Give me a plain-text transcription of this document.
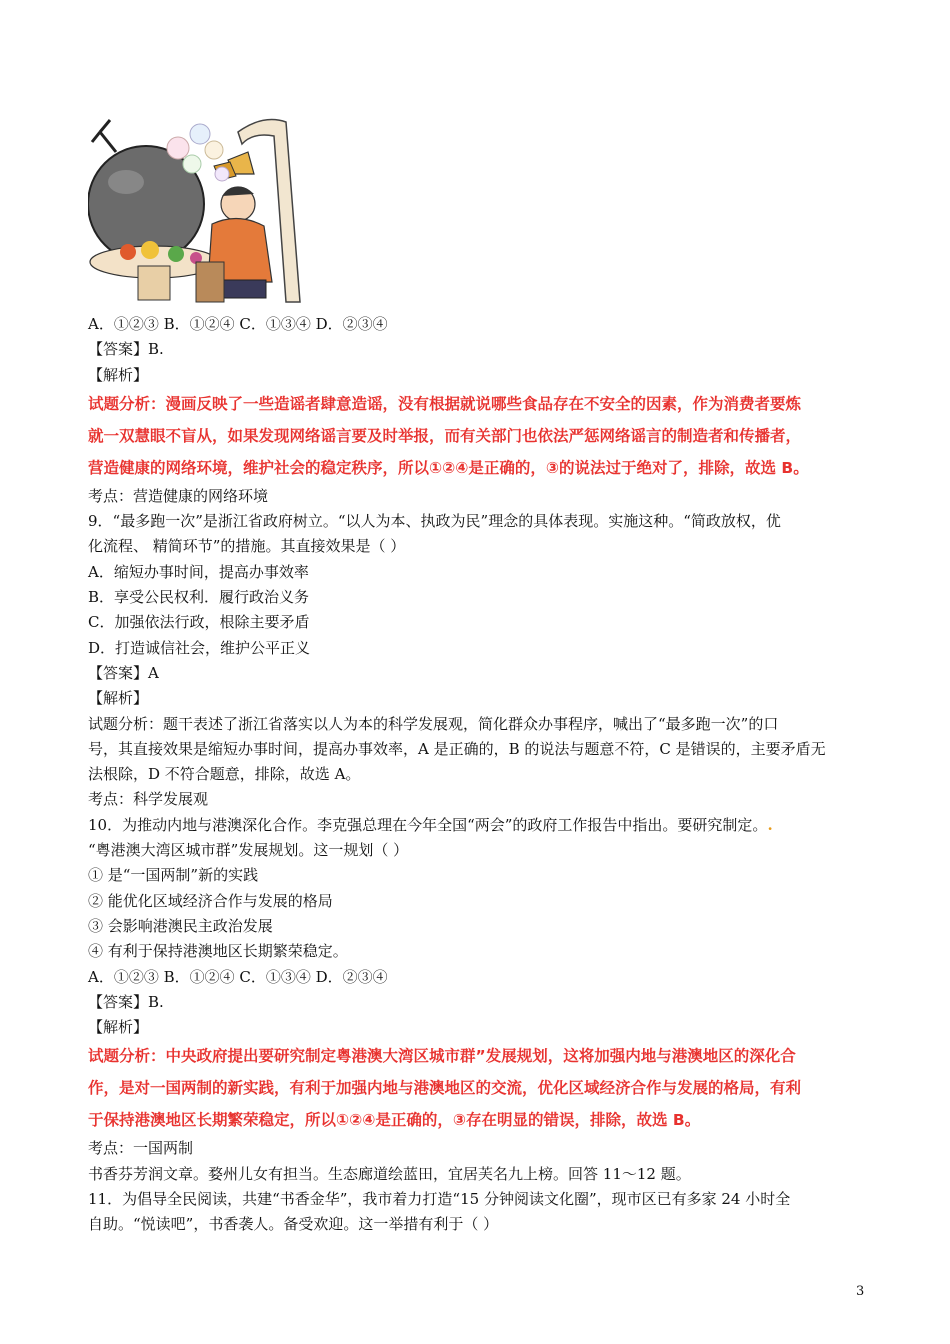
A．①②③ B．①②④ C．①③④ D．②③④
【答案】B.
【解析】
试题分析：漫画反映了一些造谣者肆意造谣，没有根据就说哪些食品存在不安全的因素，作为消费者要炼
就一双慧眼不盲从，如果发现网络谣言要及时举报，而有关部门也依法严惩网络谣言的制造者和传播者，
营造健康的网络环境，维护社会的稳定秩序，所以①②④是正确的，③的说法过于绝对了，排除，故选 B。
考点：营造健康的网络环境
9．“最多跑一次”是浙江省政府树立。“以人为本、执政为民”理念的具体表现。实施这种。“简政放权，优
化流程、 精简环节”的措施。其直接效果是（ ）
A．缩短办事时间，提高办事效率
B．享受公民权利．履行政治义务
C．加强依法行政，根除主要矛盾
D．打造诚信社会，维护公平正义
【答案】A
【解析】
试题分析：题干表述了浙江省落实以人为本的科学发展观，简化群众办事程序，喊出了“最多跑一次”的口
号，其直接效果是缩短办事时间，提高办事效率，A 是正确的，B 的说法与题意不符，C 是错误的，主要矛盾无
法根除，D 不符合题意，排除，故选 A。
考点：科学发展观
10．为推动内地与港澳深化合作。李克强总理在今年全国“两会”的政府工作报告中指出。要研究制定。.
“粤港澳大湾区城市群”发展规划。这一规划（ ）
① 是“一国两制”新的实践
② 能优化区域经济合作与发展的格局
③ 会影响港澳民主政治发展
④ 有利于保持港澳地区长期繁荣稳定。
A．①②③ B．①②④ C．①③④ D．②③④
【答案】B.
【解析】
试题分析：中央政府提出要研究制定粤港澳大湾区城市群”发展规划，这将加强内地与港澳地区的深化合
作，是对一国两制的新实践，有利于加强内地与港澳地区的交流，优化区域经济合作与发展的格局，有利
于保持港澳地区长期繁荣稳定，所以①②④是正确的，③存在明显的错误，排除，故选 B。
考点：一国两制
书香芬芳润文章。婺州儿女有担当。生态廊道绘蓝田，宜居芙名九上榜。回答 11～12 题。
11．为倡导全民阅读，共建“书香金华”，我市着力打造“15 分钟阅读文化圈”，现市区已有多家 24 小时全
自助。“悦读吧”，书香袭人。备受欢迎。这一举措有利于（ ）
3
